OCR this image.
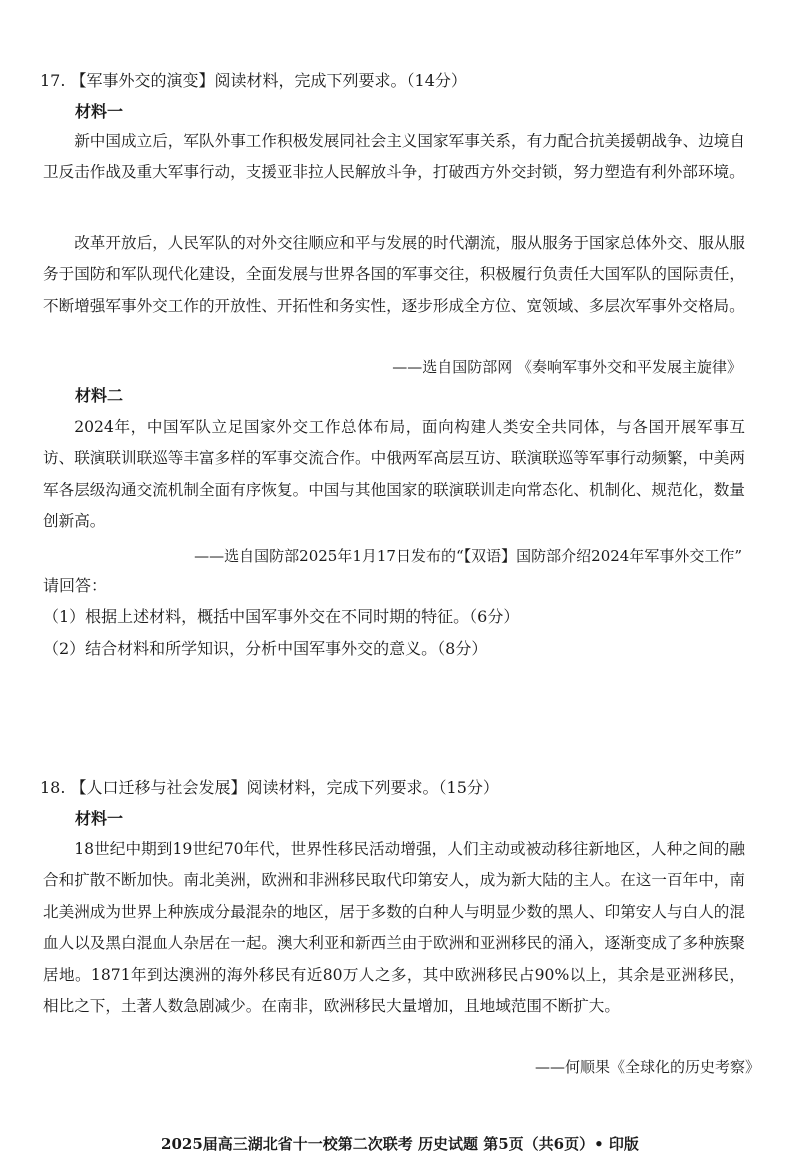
17. 【军事外交的演变】阅读材料，完成下列要求。（14分）
材料一

新中国成立后，军队外事工作积极发展同社会主义国家军事关系，有力配合抗美援朝战争、边境自卫反击作战及重大军事行动，支援亚非拉人民解放斗争，打破西方外交封锁，努力塑造有利外部环境。

改革开放后，人民军队的对外交往顺应和平与发展的时代潮流，服从服务于国家总体外交、服从服务于国防和军队现代化建设，全面发展与世界各国的军事交往，积极履行负责任大国军队的国际责任，不断增强军事外交工作的开放性、开拓性和务实性，逐步形成全方位、宽领域、多层次军事外交格局。

——选自国防部网 《奏响军事外交和平发展主旋律》
材料二

2024年，中国军队立足国家外交工作总体布局，面向构建人类安全共同体，与各国开展军事互访、联演联训联巡等丰富多样的军事交流合作。中俄两军高层互访、联演联巡等军事行动频繁，中美两军各层级沟通交流机制全面有序恢复。中国与其他国家的联演联训走向常态化、机制化、规范化，数量创新高。

——选自国防部2025年1月17日发布的“【双语】国防部介绍2024年军事外交工作”
请回答：
（1）根据上述材料，概括中国军事外交在不同时期的特征。（6分）
（2）结合材料和所学知识，分析中国军事外交的意义。（8分）
18. 【人口迁移与社会发展】阅读材料，完成下列要求。（15分）
材料一

18世纪中期到19世纪70年代，世界性移民活动增强，人们主动或被动移往新地区，人种之间的融合和扩散不断加快。南北美洲，欧洲和非洲移民取代印第安人，成为新大陆的主人。在这一百年中，南北美洲成为世界上种族成分最混杂的地区，居于多数的白种人与明显少数的黑人、印第安人与白人的混血人以及黑白混血人杂居在一起。澳大利亚和新西兰由于欧洲和亚洲移民的涌入，逐渐变成了多种族聚居地。1871年到达澳洲的海外移民有近80万人之多，其中欧洲移民占90%以上，其余是亚洲移民，相比之下，土著人数急剧减少。在南非，欧洲移民大量增加，且地域范围不断扩大。

——何顺果《全球化的历史考察》
2025届高三湖北省十一校第二次联考 历史试题 第5页（共6页）• 印版
